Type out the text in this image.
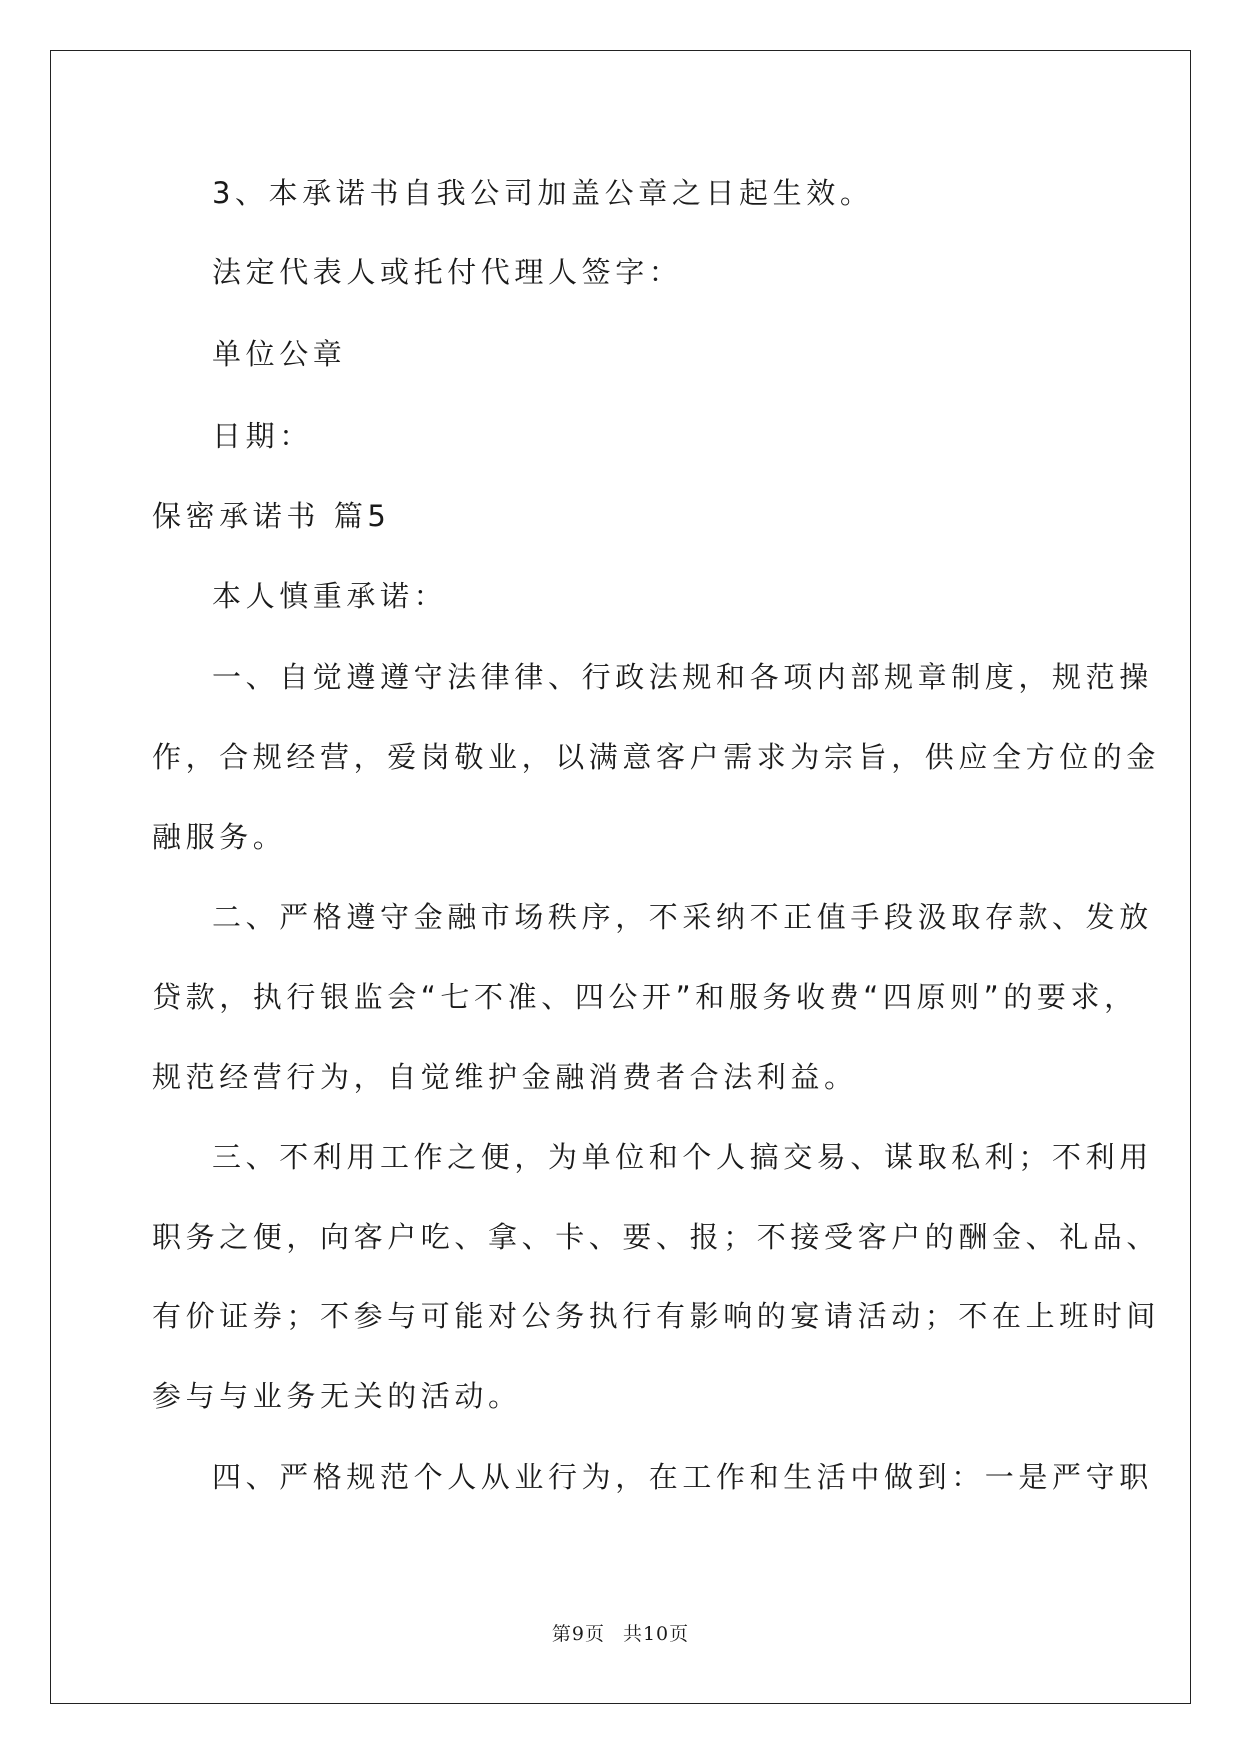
3、本承诺书自我公司加盖公章之日起生效。
法定代表人或托付代理人签字：
单位公章
日期：
保密承诺书 篇5
本人慎重承诺：
一、自觉遵遵守法律律、行政法规和各项内部规章制度，规范操
作，合规经营，爱岗敬业，以满意客户需求为宗旨，供应全方位的金
融服务。
二、严格遵守金融市场秩序，不采纳不正值手段汲取存款、发放
贷款，执行银监会“七不准、四公开”和服务收费“四原则”的要求，
规范经营行为，自觉维护金融消费者合法利益。
三、不利用工作之便，为单位和个人搞交易、谋取私利；不利用
职务之便，向客户吃、拿、卡、要、报；不接受客户的酬金、礼品、
有价证券；不参与可能对公务执行有影响的宴请活动；不在上班时间
参与与业务无关的活动。
四、严格规范个人从业行为，在工作和生活中做到：一是严守职
第9页 共10页
